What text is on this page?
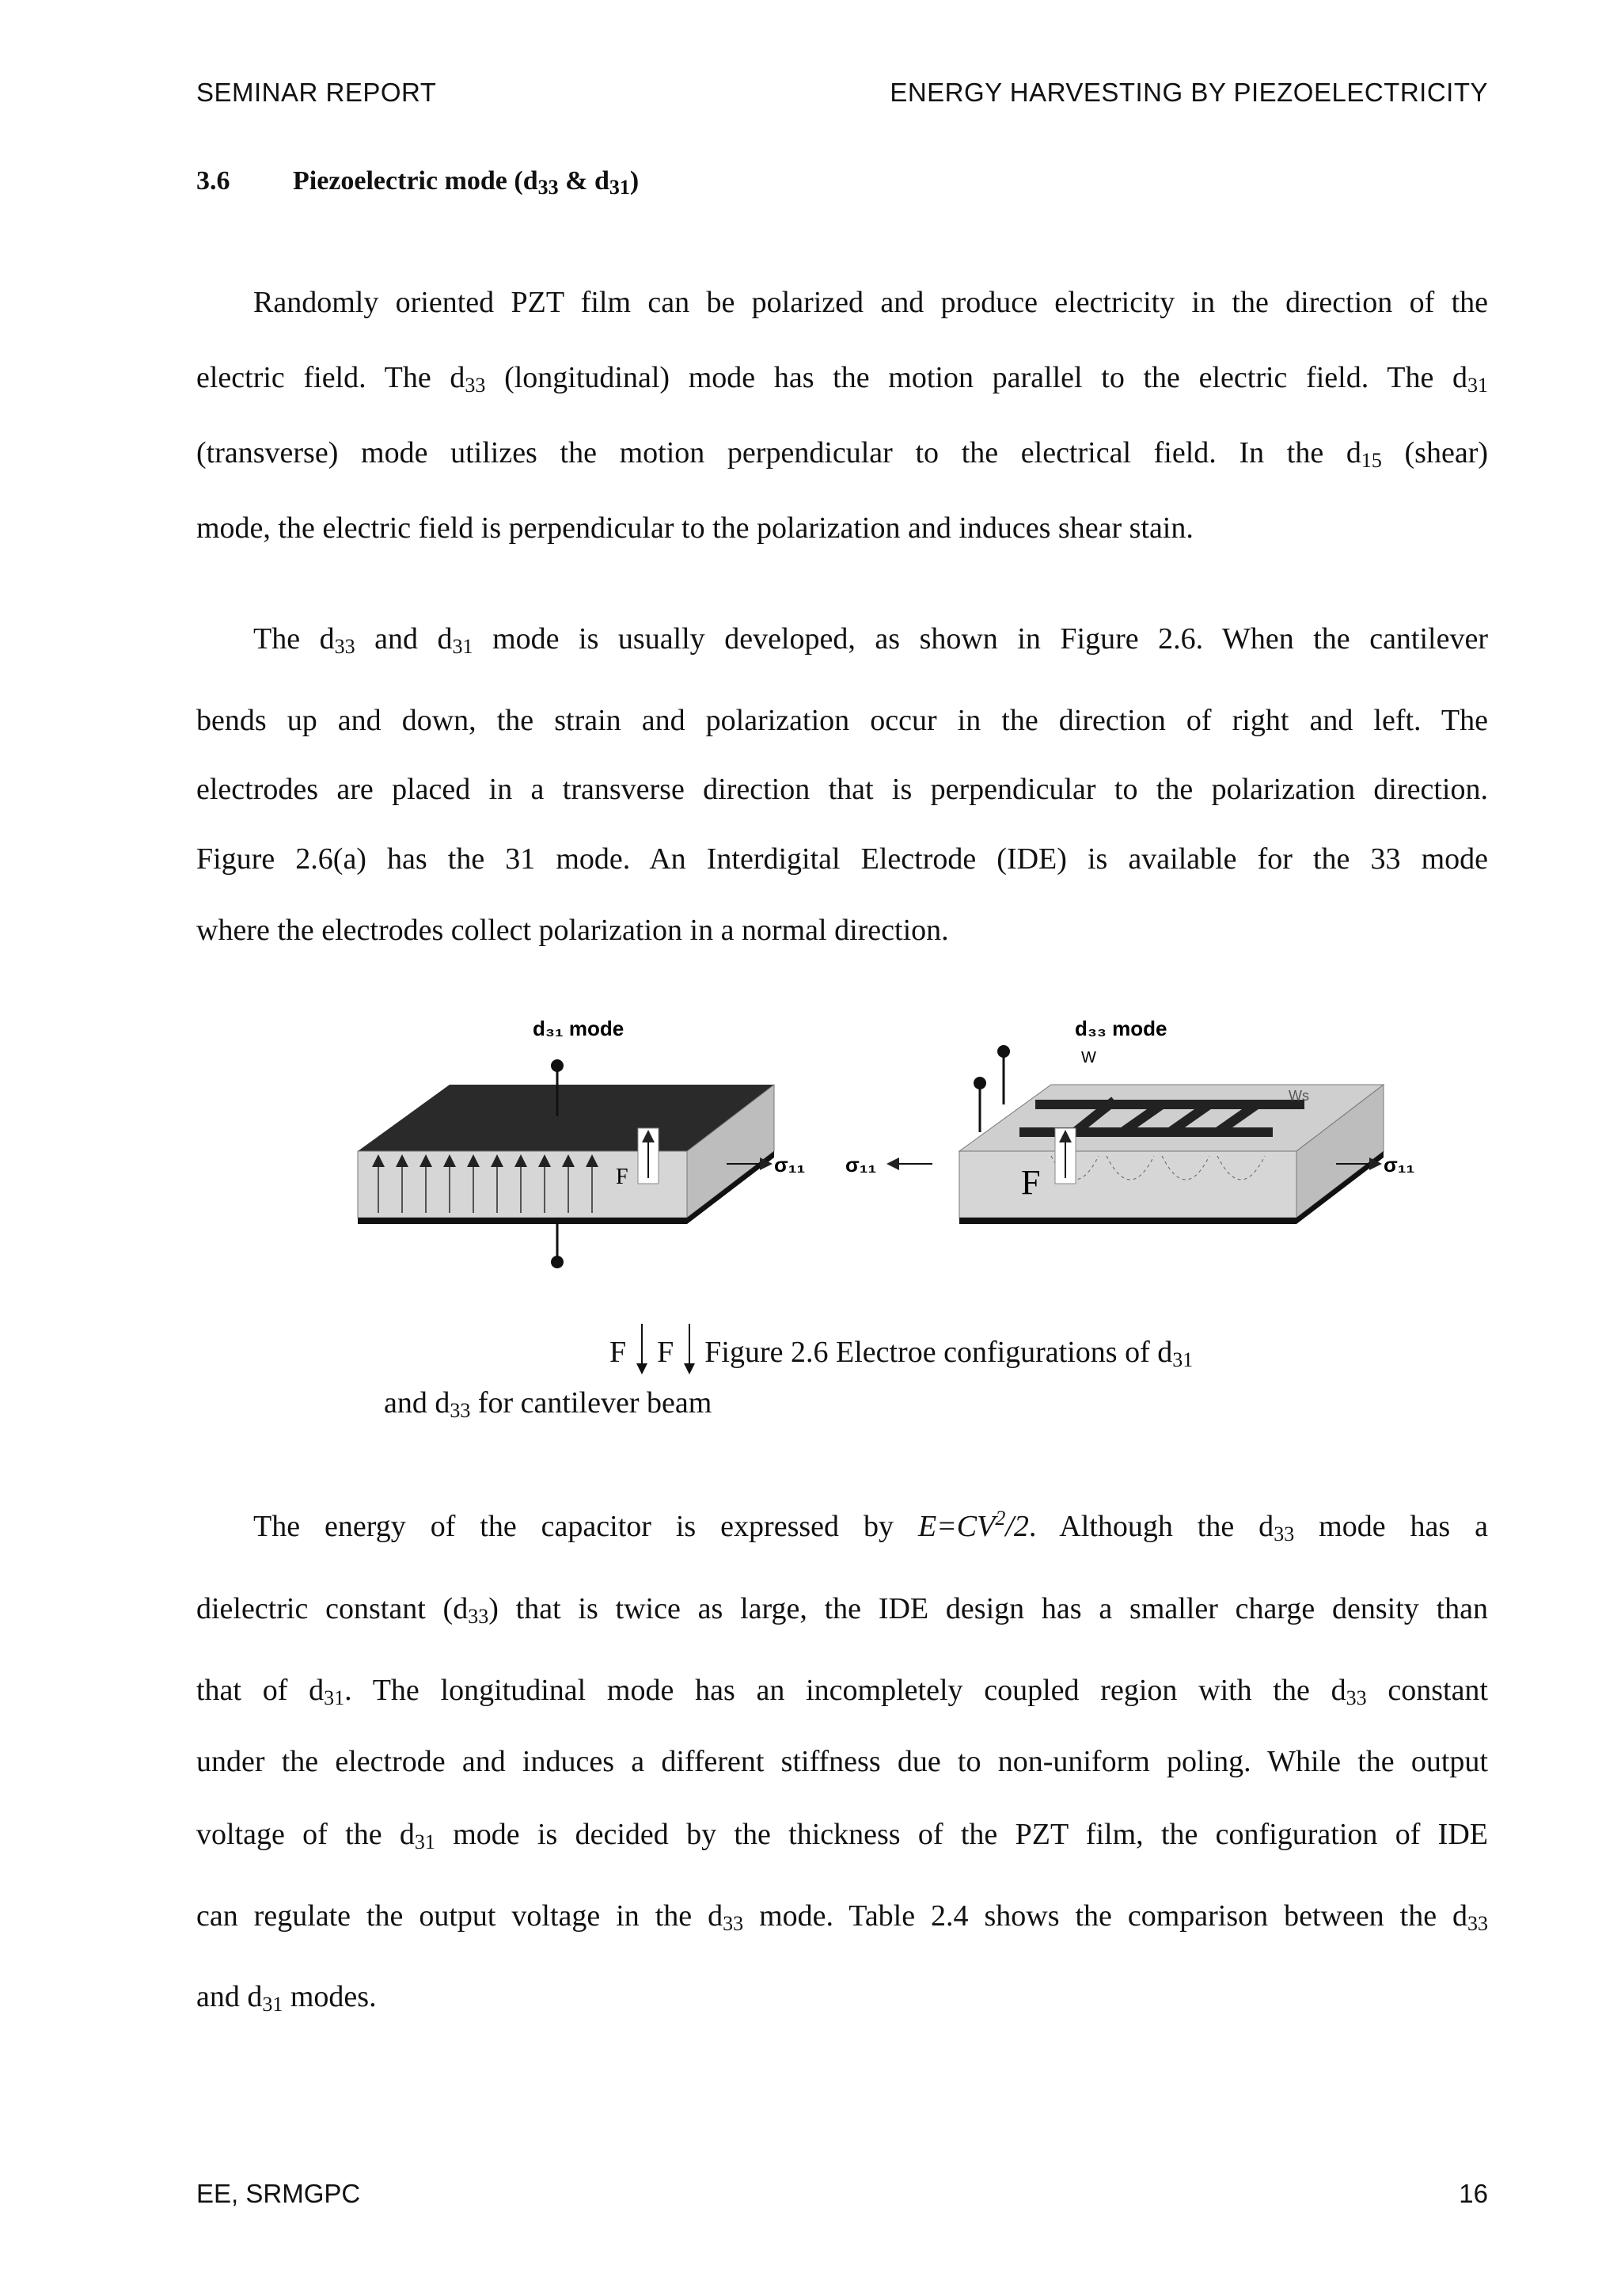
SEMINAR REPORT	ENERGY HARVESTING BY PIEZOELECTRICITY
3.6 Piezoelectric mode ($d_{33}$ & $d_{31}$)
Randomly oriented PZT film can be polarized and produce electricity in the direction of the
electric field. The $d_{33}$ (longitudinal) mode has the motion parallel to the electric field. The $d_{31}$
(transverse) mode utilizes the motion perpendicular to the electrical field. In the $d_{15}$ (shear)
mode, the electric field is perpendicular to the polarization and induces shear stain.
The $d_{33}$ and $d_{31}$ mode is usually developed, as shown in Figure 2.6. When the cantilever
bends up and down, the strain and polarization occur in the direction of right and left. The
electrodes are placed in a transverse direction that is perpendicular to the polarization direction.
Figure 2.6(a) has the 31 mode. An Interdigital Electrode (IDE) is available for the 33 mode
where the electrodes collect polarization in a normal direction.
d₃₁ mode
σ₁₁
F
d₃₃ mode
σ₁₁	σ₁₁
W
Ws
F
F F Figure 2.6 Electroe configurations of $d_{31}$
and $d_{33}$ for cantilever beam
The energy of the capacitor is expressed by $E=CV^2/2$. Although the $d_{33}$ mode has a
dielectric constant $(d_{33})$ that is twice as large, the IDE design has a smaller charge density than
that of $d_{31}$. The longitudinal mode has an incompletely coupled region with the $d_{33}$ constant
under the electrode and induces a different stiffness due to non-uniform poling. While the output
voltage of the $d_{31}$ mode is decided by the thickness of the PZT film, the configuration of IDE
can regulate the output voltage in the $d_{33}$ mode. Table 2.4 shows the comparison between the $d_{33}$
and $d_{31}$ modes.
EE, SRMGPC	16
